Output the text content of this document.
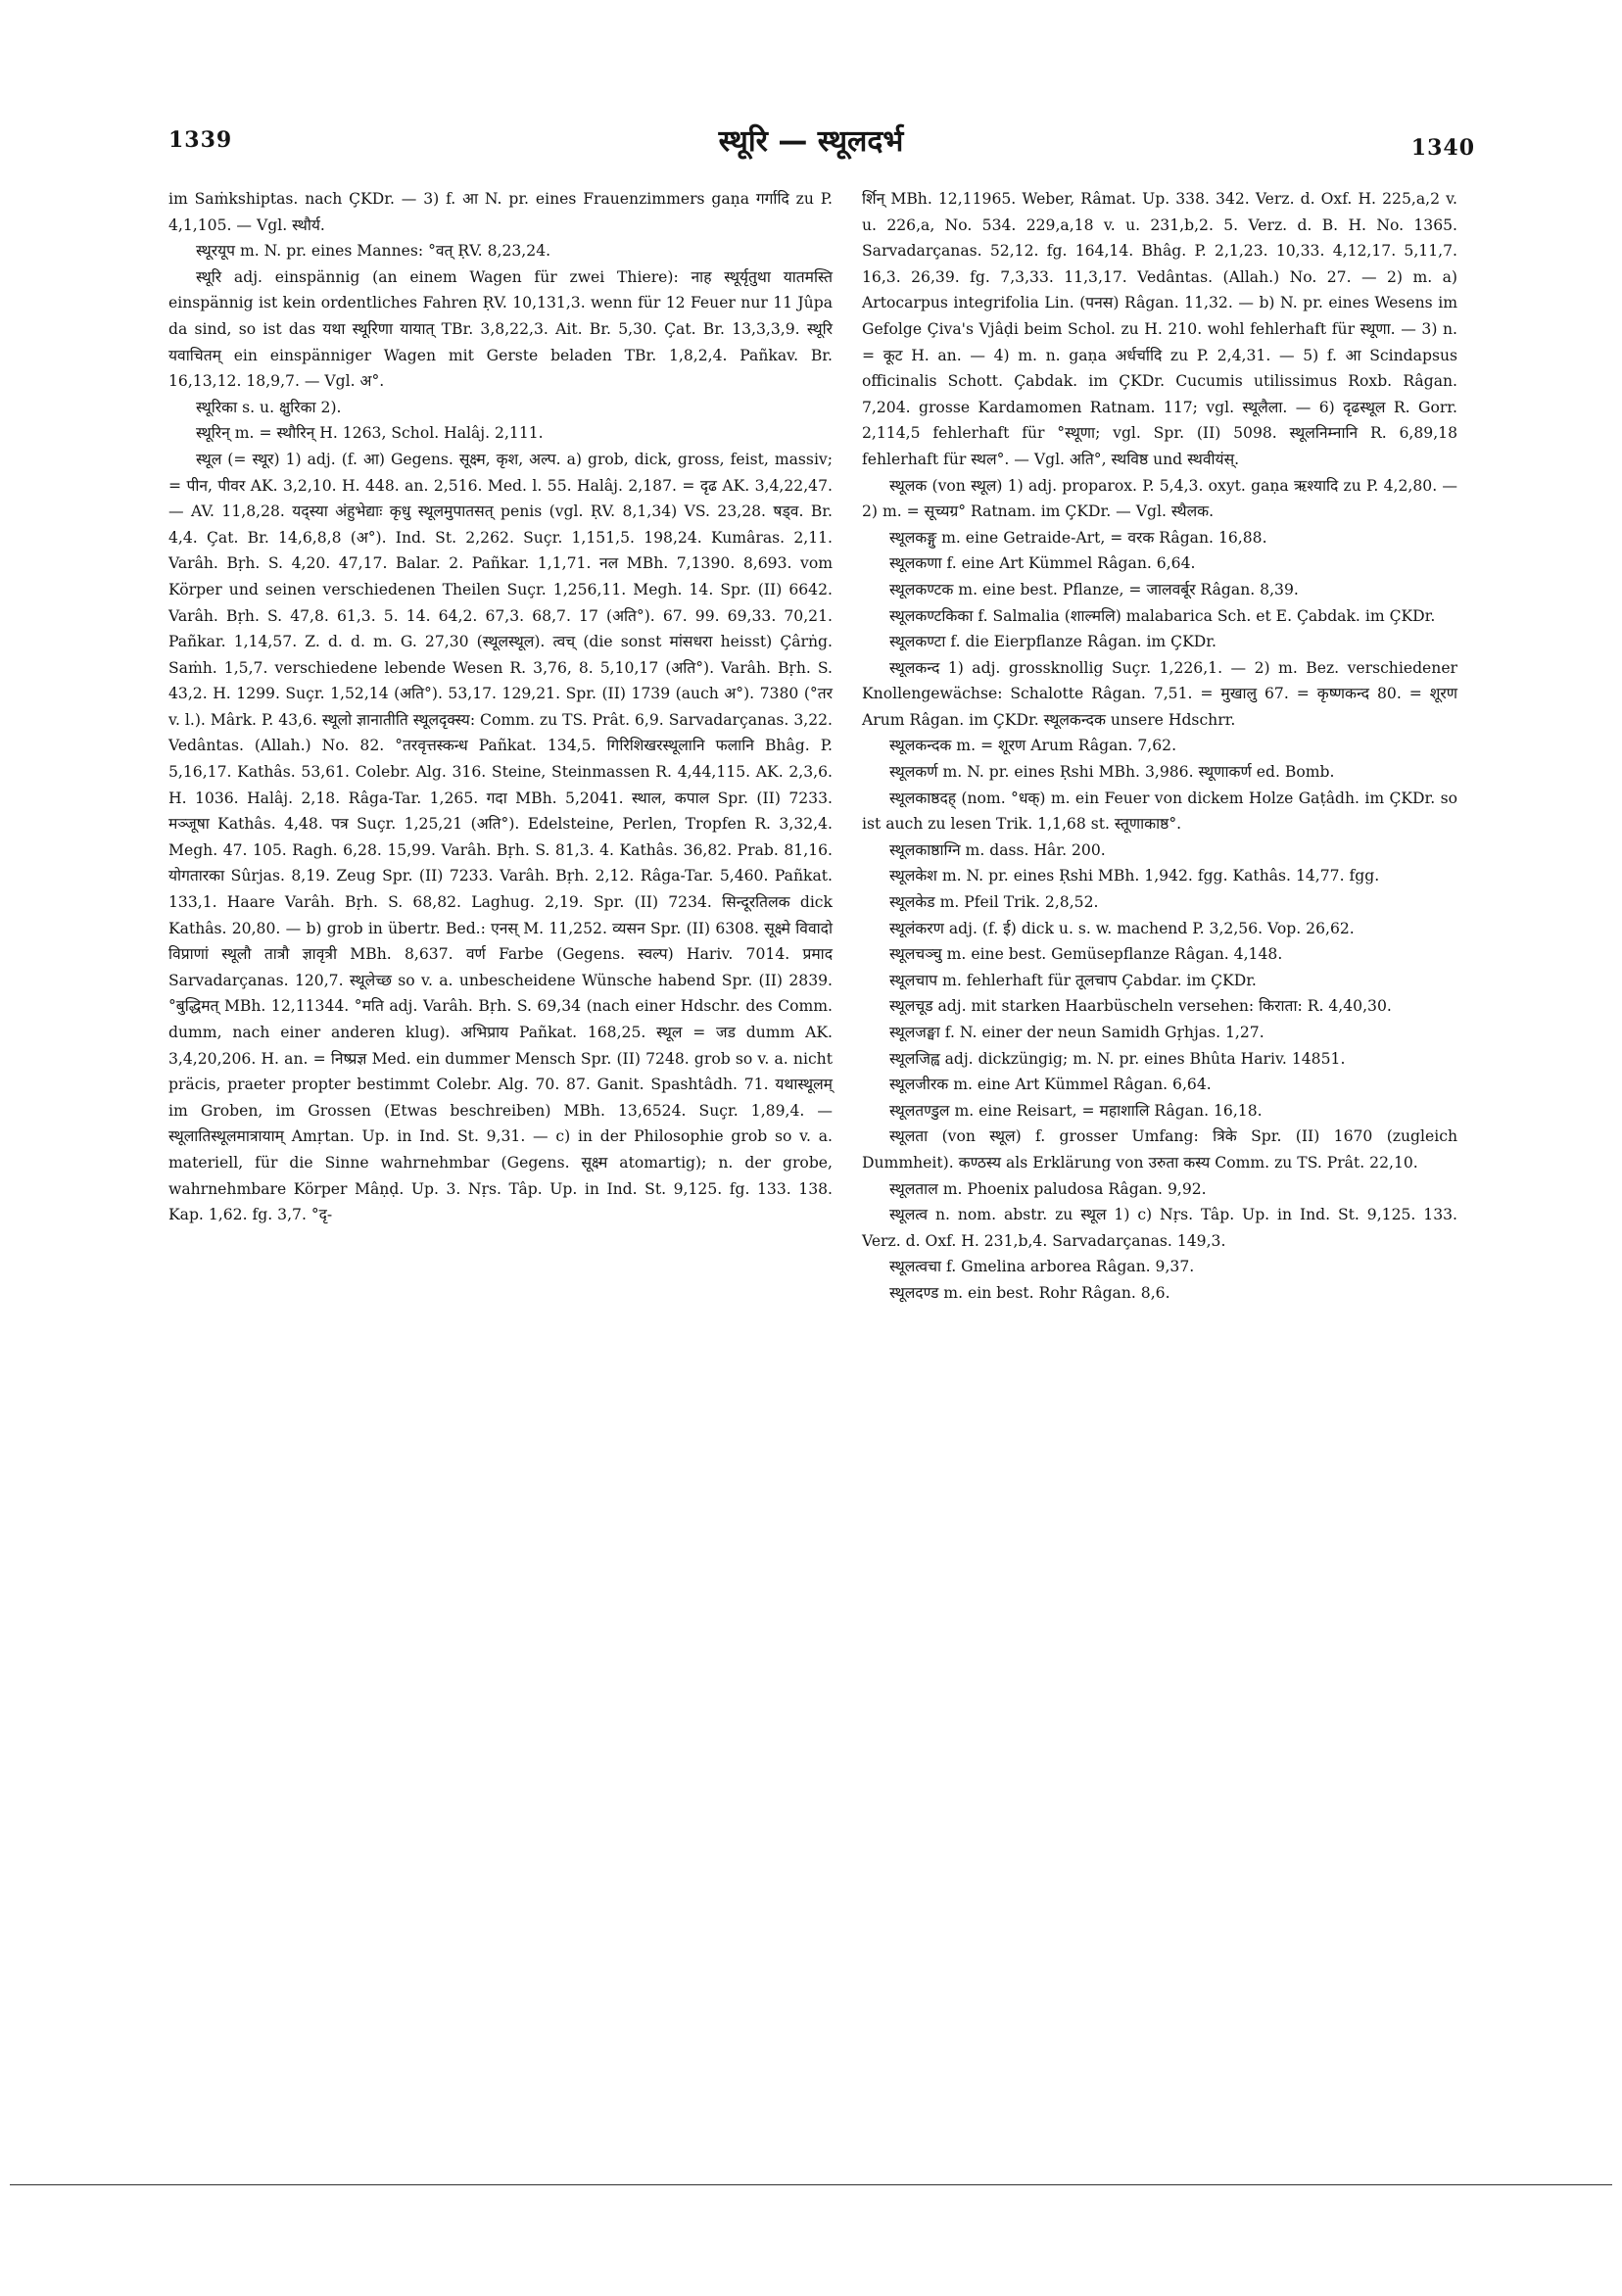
1339	स्थूरि — स्थूलदर्भ	1340

im Saṁkshiptas. nach ÇKDr. — 3) f. आ N. pr. eines Frauenzimmers gaṇa गर्गादि zu P. 4,1,105. — Vgl. स्थौर्य.

स्थूरयूप m. N. pr. eines Mannes: °वत् ṚV. 8,23,24.

स्थूरि adj. einspännig (an einem Wagen für zwei Thiere): नाह स्थूर्यृतुथा यातमस्ति einspännig ist kein ordentliches Fahren ṚV. 10,131,3. wenn für 12 Feuer nur 11 Jûpa da sind, so ist das यथा स्थूरिणा यायात् TBr. 3,8,22,3. Ait. Br. 5,30. Çat. Br. 13,3,3,9. स्थूरि यवाचितम् ein einspänniger Wagen mit Gerste beladen TBr. 1,8,2,4. Pañkav. Br. 16,13,12. 18,9,7. — Vgl. अ°.

स्थूरिका s. u. क्षुरिका 2).

स्थूरिन् m. = स्थौरिन् H. 1263, Schol. Halâj. 2,111.

स्थूल (= स्थूर) 1) adj. (f. आ) Gegens. सूक्ष्म, कृश, अल्प. a) grob, dick, gross, feist, massiv; = पीन, पीवर AK. 3,2,10. H. 448. an. 2,516. Med. l. 55. Halâj. 2,187. = दृढ AK. 3,4,22,47. — AV. 11,8,28. यद्स्या अंहुभेद्याः कृधु स्थूलमुपातसत् penis (vgl. ṚV. 8,1,34) VS. 23,28. षड्व. Br. 4,4. Çat. Br. 14,6,8,8 (अ°). Ind. St. 2,262. Suçr. 1,151,5. 198,24. Kumâras. 2,11. Varâh. Bṛh. S. 4,20. 47,17. Balar. 2. Pañkar. 1,1,71. नल MBh. 7,1390. 8,693. vom Körper und seinen verschiedenen Theilen Suçr. 1,256,11. Megh. 14. Spr. (II) 6642. Varâh. Bṛh. S. 47,8. 61,3. 5. 14. 64,2. 67,3. 68,7. 17 (अति°). 67. 99. 69,33. 70,21. Pañkar. 1,14,57. Z. d. d. m. G. 27,30 (स्थूलस्थूल). त्वच् (die sonst मांसधरा heisst) Çârṅg. Saṁh. 1,5,7. verschiedene lebende Wesen R. 3,76, 8. 5,10,17 (अति°). Varâh. Bṛh. S. 43,2. H. 1299. Suçr. 1,52,14 (अति°). 53,17. 129,21. Spr. (II) 1739 (auch अ°). 7380 (°तर v. l.). Mârk. P. 43,6. स्थूलो ज्ञानातीति स्थूलदृक्स्य: Comm. zu TS. Prât. 6,9. Sarvadarçanas. 3,22. Vedântas. (Allah.) No. 82. °तरवृत्तस्कन्ध Pañkat. 134,5. गिरिशिखरस्थूलानि फलानि Bhâg. P. 5,16,17. Kathâs. 53,61. Colebr. Alg. 316. Steine, Steinmassen R. 4,44,115. AK. 2,3,6. H. 1036. Halâj. 2,18. Râga-Tar. 1,265. गदा MBh. 5,2041. स्थाल, कपाल Spr. (II) 7233. मञ्जूषा Kathâs. 4,48. पत्र Suçr. 1,25,21 (अति°). Edelsteine, Perlen, Tropfen R. 3,32,4. Megh. 47. 105. Ragh. 6,28. 15,99. Varâh. Bṛh. S. 81,3. 4. Kathâs. 36,82. Prab. 81,16. योगतारका Sûrjas. 8,19. Zeug Spr. (II) 7233. Varâh. Bṛh. 2,12. Râga-Tar. 5,460. Pañkat. 133,1. Haare Varâh. Bṛh. S. 68,82. Laghug. 2,19. Spr. (II) 7234. सिन्दूरतिलक dick Kathâs. 20,80. — b) grob in übertr. Bed.: एनस् M. 11,252. व्यसन Spr. (II) 6308. सूक्ष्मे विवादो विप्राणां स्थूलौ तात्रौ ज्ञावृत्री MBh. 8,637. वर्ण Farbe (Gegens. स्वल्प) Hariv. 7014. प्रमाद Sarvadarçanas. 120,7. स्थूलेच्छ so v. a. unbescheidene Wünsche habend Spr. (II) 2839. °बुद्धिमत् MBh. 12,11344. °मति adj. Varâh. Bṛh. S. 69,34 (nach einer Hdschr. des Comm. dumm, nach einer anderen klug). अभिप्राय Pañkat. 168,25. स्थूल = जड dumm AK. 3,4,20,206. H. an. = निष्प्रज्ञ Med. ein dummer Mensch Spr. (II) 7248. grob so v. a. nicht präcis, praeter propter bestimmt Colebr. Alg. 70. 87. Ganit. Spashtâdh. 71. यथास्थूलम् im Groben, im Grossen (Etwas beschreiben) MBh. 13,6524. Suçr. 1,89,4. — स्थूलातिस्थूलमात्रायाम् Amṛtan. Up. in Ind. St. 9,31. — c) in der Philosophie grob so v. a. materiell, für die Sinne wahrnehmbar (Gegens. सूक्ष्म atomartig); n. der grobe, wahrnehmbare Körper Mâṇḍ. Up. 3. Nṛs. Tâp. Up. in Ind. St. 9,125. fg. 133. 138. Kap. 1,62. fg. 3,7. °दृ-

र्शिन् MBh. 12,11965. Weber, Râmat. Up. 338. 342. Verz. d. Oxf. H. 225,a,2 v. u. 226,a, No. 534. 229,a,18 v. u. 231,b,2. 5. Verz. d. B. H. No. 1365. Sarvadarçanas. 52,12. fg. 164,14. Bhâg. P. 2,1,23. 10,33. 4,12,17. 5,11,7. 16,3. 26,39. fg. 7,3,33. 11,3,17. Vedântas. (Allah.) No. 27. — 2) m. a) Artocarpus integrifolia Lin. (पनस) Râgan. 11,32. — b) N. pr. eines Wesens im Gefolge Çiva's Vjâḍi beim Schol. zu H. 210. wohl fehlerhaft für स्थूणा. — 3) n. = कूट H. an. — 4) m. n. gaṇa अर्धर्चादि zu P. 2,4,31. — 5) f. आ Scindapsus officinalis Schott. Çabdak. im ÇKDr. Cucumis utilissimus Roxb. Râgan. 7,204. grosse Kardamomen Ratnam. 117; vgl. स्थूलैला. — 6) दृढस्थूल R. Gorr. 2,114,5 fehlerhaft für °स्थूणा; vgl. Spr. (II) 5098. स्थूलनिम्नानि R. 6,89,18 fehlerhaft für स्थल°. — Vgl. अति°, स्थविष्ठ und स्थवीयंस्.

स्थूलक (von स्थूल) 1) adj. proparox. P. 5,4,3. oxyt. gaṇa ऋश्यादि zu P. 4,2,80. — 2) m. = सूच्यग्र° Ratnam. im ÇKDr. — Vgl. स्थैलक.

स्थूलकङ्गु m. eine Getraide-Art, = वरक Râgan. 16,88.

स्थूलकणा f. eine Art Kümmel Râgan. 6,64.

स्थूलकण्टक m. eine best. Pflanze, = जालवर्बूर Râgan. 8,39.

स्थूलकण्टकिका f. Salmalia (शाल्मलि) malabarica Sch. et E. Çabdak. im ÇKDr.

स्थूलकण्टा f. die Eierpflanze Râgan. im ÇKDr.

स्थूलकन्द 1) adj. grossknollig Suçr. 1,226,1. — 2) m. Bez. verschiedener Knollengewächse: Schalotte Râgan. 7,51. = मुखालु 67. = कृष्णकन्द 80. = शूरण Arum Râgan. im ÇKDr. स्थूलकन्दक unsere Hdschrr.

स्थूलकन्दक m. = शूरण Arum Râgan. 7,62.

स्थूलकर्ण m. N. pr. eines Ṛshi MBh. 3,986. स्थूणाकर्ण ed. Bomb.

स्थूलकाष्ठदह् (nom. °धक्) m. ein Feuer von dickem Holze Gaṭâdh. im ÇKDr. so ist auch zu lesen Trik. 1,1,68 st. स्तूणाकाष्ठ°.

स्थूलकाष्ठाग्नि m. dass. Hâr. 200.

स्थूलकेश m. N. pr. eines Ṛshi MBh. 1,942. fgg. Kathâs. 14,77. fgg.

स्थूलकेड m. Pfeil Trik. 2,8,52.

स्थूलंकरण adj. (f. ई) dick u. s. w. machend P. 3,2,56. Vop. 26,62.

स्थूलचञ्चु m. eine best. Gemüsepflanze Râgan. 4,148.

स्थूलचाप m. fehlerhaft für तूलचाप Çabdar. im ÇKDr.

स्थूलचूड adj. mit starken Haarbüscheln versehen: किराता: R. 4,40,30.

स्थूलजङ्घा f. N. einer der neun Samidh Gṛhjas. 1,27.

स्थूलजिह्व adj. dickzüngig; m. N. pr. eines Bhûta Hariv. 14851.

स्थूलजीरक m. eine Art Kümmel Râgan. 6,64.

स्थूलतण्डुल m. eine Reisart, = महाशालि Râgan. 16,18.

स्थूलता (von स्थूल) f. grosser Umfang: त्रिके Spr. (II) 1670 (zugleich Dummheit). कण्ठस्य als Erklärung von उरुता कस्य Comm. zu TS. Prât. 22,10.

स्थूलताल m. Phoenix paludosa Râgan. 9,92.

स्थूलत्व n. nom. abstr. zu स्थूल 1) c) Nṛs. Tâp. Up. in Ind. St. 9,125. 133. Verz. d. Oxf. H. 231,b,4. Sarvadarçanas. 149,3.

स्थूलत्वचा f. Gmelina arborea Râgan. 9,37.

स्थूलदण्ड m. ein best. Rohr Râgan. 8,6.
